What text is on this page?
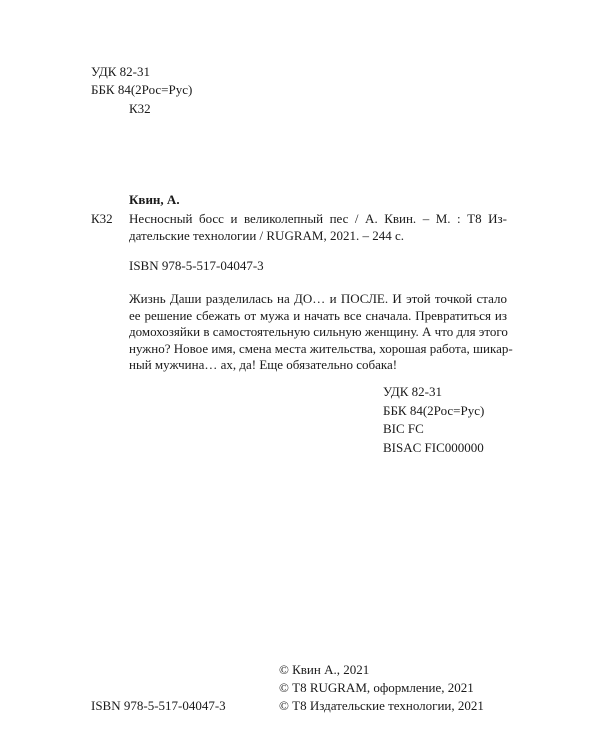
УДК 82-31
ББК 84(2Рос=Рус)
К32
Квин, А.
К32 Несносный босс и великолепный пес / А. Квин. – М. : Т8 Из-
дательские технологии / RUGRAM, 2021. – 244 с.
ISBN 978-5-517-04047-3
Жизнь Даши разделилась на ДО… и ПОСЛЕ. И этой точкой стало
ее решение сбежать от мужа и начать все сначала. Превратиться из
домохозяйки в самостоятельную сильную женщину. А что для этого
нужно? Новое имя, смена места жительства, хорошая работа, шикар-
ный мужчина… ах, да! Еще обязательно собака!
УДК 82-31
ББК 84(2Рос=Рус)
BIC FC
BISAC FIC000000
© Квин А., 2021
© Т8 RUGRAM, оформление, 2021
ISBN 978-5-517-04047-3	© Т8 Издательские технологии, 2021
